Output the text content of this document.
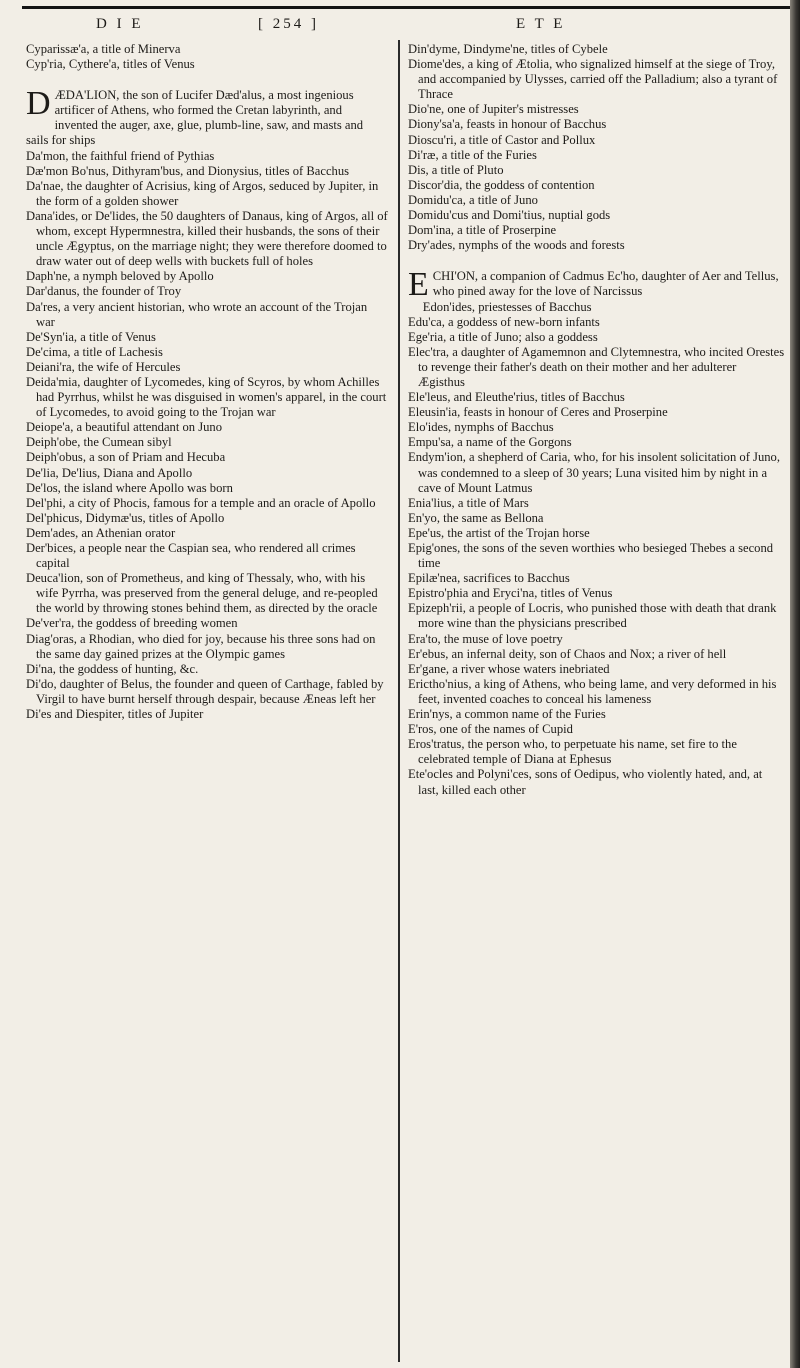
D I E	[ 254 ]	E T E

Cyparissæ'a, a title of Minerva

Cyp'ria, Cythere'a, titles of Venus

DÆDA'LION, the son of Lucifer Dæd'alus, a most ingenious artificer of Athens, who formed the Cretan labyrinth, and invented the auger, axe, glue, plumb-line, saw, and masts and sails for ships

Da'mon, the faithful friend of Pythias

Dæ'mon Bo'nus, Dithyram'bus, and Dionysius, titles of Bacchus

Da'nae, the daughter of Acrisius, king of Argos, seduced by Jupiter, in the form of a golden shower

Dana'ides, or De'lides, the 50 daughters of Danaus, king of Argos, all of whom, except Hypermnestra, killed their husbands, the sons of their uncle Ægyptus, on the marriage night; they were therefore doomed to draw water out of deep wells with buckets full of holes

Daph'ne, a nymph beloved by Apollo

Dar'danus, the founder of Troy

Da'res, a very ancient historian, who wrote an account of the Trojan war

De'Syn'ia, a title of Venus

De'cima, a title of Lachesis

Deiani'ra, the wife of Hercules

Deida'mia, daughter of Lycomedes, king of Scyros, by whom Achilles had Pyrrhus, whilst he was disguised in women's apparel, in the court of Lycomedes, to avoid going to the Trojan war

Deiope'a, a beautiful attendant on Juno

Deiph'obe, the Cumean sibyl

Deiph'obus, a son of Priam and Hecuba

De'lia, De'lius, Diana and Apollo

De'los, the island where Apollo was born

Del'phi, a city of Phocis, famous for a temple and an oracle of Apollo

Del'phicus, Didymæ'us, titles of Apollo

Dem'ades, an Athenian orator

Der'bices, a people near the Caspian sea, who rendered all crimes capital

Deuca'lion, son of Prometheus, and king of Thessaly, who, with his wife Pyrrha, was preserved from the general deluge, and re-peopled the world by throwing stones behind them, as directed by the oracle

De'ver'ra, the goddess of breeding women

Diag'oras, a Rhodian, who died for joy, because his three sons had on the same day gained prizes at the Olympic games

Di'na, the goddess of hunting, &c.

Di'do, daughter of Belus, the founder and queen of Carthage, fabled by Virgil to have burnt herself through despair, because Æneas left her

Di'es and Diespiter, titles of Jupiter

Din'dyme, Dindyme'ne, titles of Cybele

Diome'des, a king of Ætolia, who signalized himself at the siege of Troy, and accompanied by Ulysses, carried off the Palladium; also a tyrant of Thrace

Dio'ne, one of Jupiter's mistresses

Diony'sa'a, feasts in honour of Bacchus

Dioscu'ri, a title of Castor and Pollux

Di'ræ, a title of the Furies

Dis, a title of Pluto

Discor'dia, the goddess of contention

Domidu'ca, a title of Juno

Domidu'cus and Domi'tius, nuptial gods

Dom'ina, a title of Proserpine

Dry'ades, nymphs of the woods and forests

ECHI'ON, a companion of Cadmus Ec'ho, daughter of Aer and Tellus, who pined away for the love of Narcissus

Edon'ides, priestesses of Bacchus

Edu'ca, a goddess of new-born infants

Ege'ria, a title of Juno; also a goddess

Elec'tra, a daughter of Agamemnon and Clytemnestra, who incited Orestes to revenge their father's death on their mother and her adulterer Ægisthus

Ele'leus, and Eleuthe'rius, titles of Bacchus

Eleusin'ia, feasts in honour of Ceres and Proserpine

Elo'ides, nymphs of Bacchus

Empu'sa, a name of the Gorgons

Endym'ion, a shepherd of Caria, who, for his insolent solicitation of Juno, was condemned to a sleep of 30 years; Luna visited him by night in a cave of Mount Latmus

Enia'lius, a title of Mars

En'yo, the same as Bellona

Epe'us, the artist of the Trojan horse

Epig'ones, the sons of the seven worthies who besieged Thebes a second time

Epilæ'nea, sacrifices to Bacchus

Epistro'phia and Eryci'na, titles of Venus

Epizeph'rii, a people of Locris, who punished those with death that drank more wine than the physicians prescribed

Era'to, the muse of love poetry

Er'ebus, an infernal deity, son of Chaos and Nox; a river of hell

Er'gane, a river whose waters inebriated

Erictho'nius, a king of Athens, who being lame, and very deformed in his feet, invented coaches to conceal his lameness

Erin'nys, a common name of the Furies

E'ros, one of the names of Cupid

Eros'tratus, the person who, to perpetuate his name, set fire to the celebrated temple of Diana at Ephesus

Ete'ocles and Polyni'ces, sons of Oedipus, who violently hated, and, at last, killed each other
